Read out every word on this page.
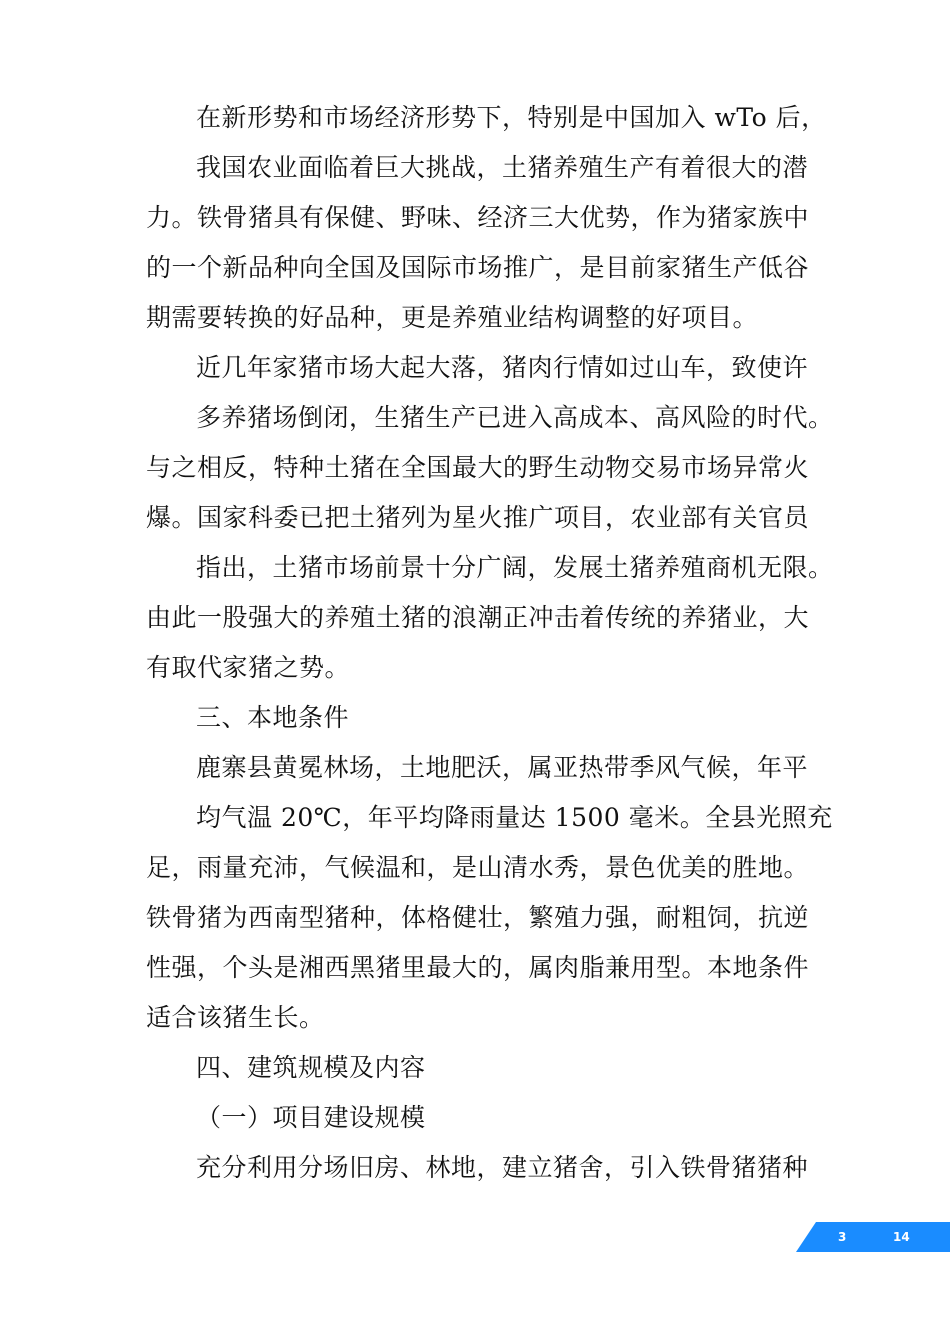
在新形势和市场经济形势下，特别是中国加入 wTo 后，
我国农业面临着巨大挑战，土猪养殖生产有着很大的潜
力。铁骨猪具有保健、野味、经济三大优势，作为猪家族中
的一个新品种向全国及国际市场推广，是目前家猪生产低谷
期需要转换的好品种，更是养殖业结构调整的好项目。
近几年家猪市场大起大落，猪肉行情如过山车，致使许
多养猪场倒闭，生猪生产已进入高成本、高风险的时代。
与之相反，特种土猪在全国最大的野生动物交易市场异常火
爆。国家科委已把土猪列为星火推广项目，农业部有关官员
指出，土猪市场前景十分广阔，发展土猪养殖商机无限。
由此一股强大的养殖土猪的浪潮正冲击着传统的养猪业，大
有取代家猪之势。
三、本地条件
鹿寨县黄冕林场，土地肥沃，属亚热带季风气候，年平
均气温 20℃，年平均降雨量达 1500 毫米。全县光照充
足，雨量充沛，气候温和，是山清水秀，景色优美的胜地。
铁骨猪为西南型猪种，体格健壮，繁殖力强，耐粗饲，抗逆
性强，个头是湘西黑猪里最大的，属肉脂兼用型。本地条件
适合该猪生长。
四、建筑规模及内容
（一）项目建设规模
充分利用分场旧房、林地，建立猪舍，引入铁骨猪猪种
3	14
